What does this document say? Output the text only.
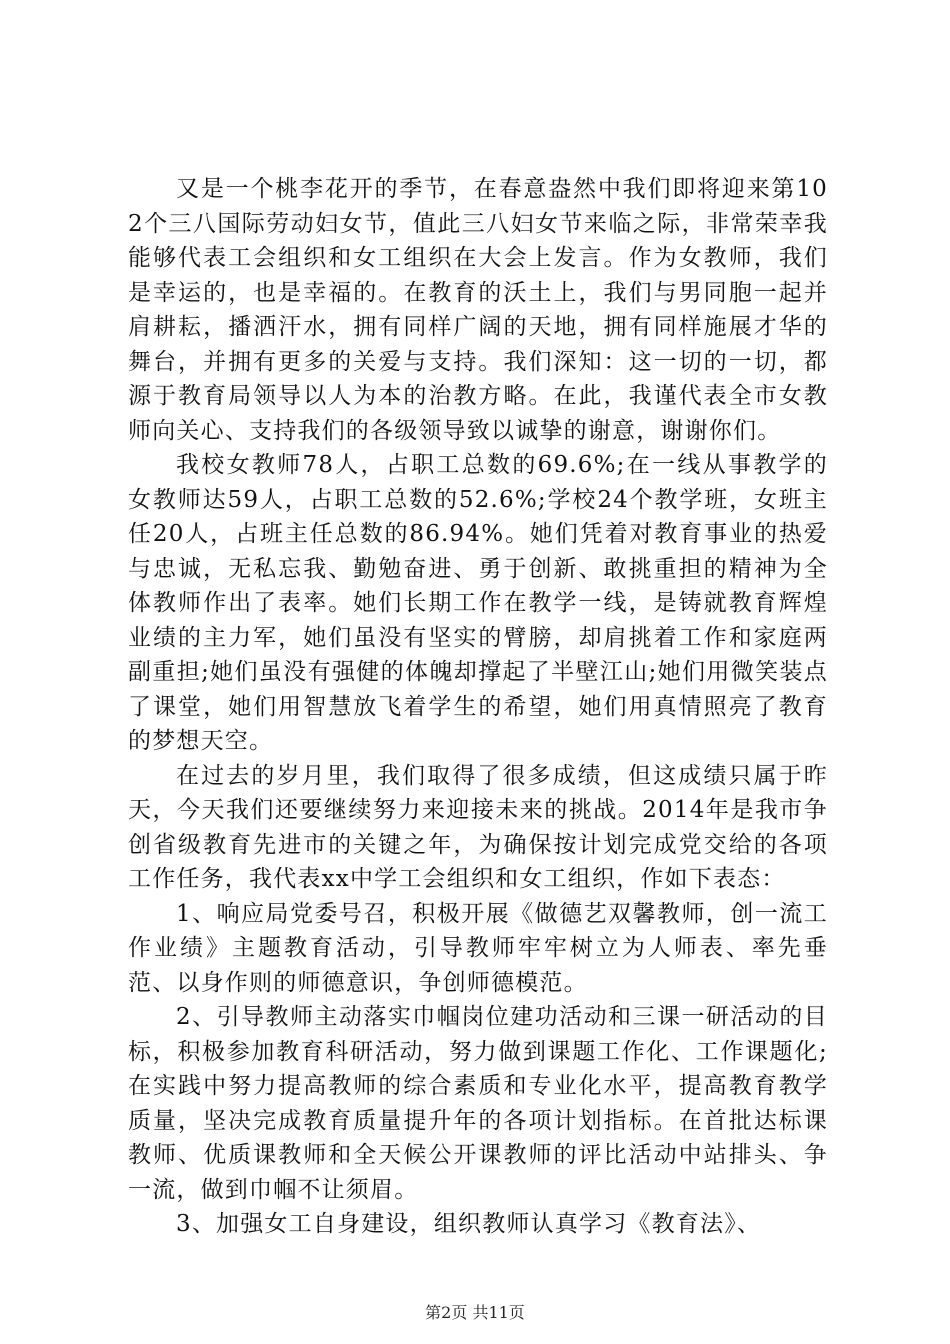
又是一个桃李花开的季节，在春意盎然中我们即将迎来第102个三八国际劳动妇女节，值此三八妇女节来临之际，非常荣幸我能够代表工会组织和女工组织在大会上发言。作为女教师，我们是幸运的，也是幸福的。在教育的沃土上，我们与男同胞一起并肩耕耘，播洒汗水，拥有同样广阔的天地，拥有同样施展才华的舞台，并拥有更多的关爱与支持。我们深知：这一切的一切，都源于教育局领导以人为本的治教方略。在此，我谨代表全市女教师向关心、支持我们的各级领导致以诚挚的谢意，谢谢你们。

我校女教师78人，占职工总数的69.6%;在一线从事教学的女教师达59人，占职工总数的52.6%;学校24个教学班，女班主任20人，占班主任总数的86.94%。她们凭着对教育事业的热爱与忠诚，无私忘我、勤勉奋进、勇于创新、敢挑重担的精神为全体教师作出了表率。她们长期工作在教学一线，是铸就教育辉煌业绩的主力军，她们虽没有坚实的臂膀，却肩挑着工作和家庭两副重担;她们虽没有强健的体魄却撑起了半壁江山;她们用微笑装点了课堂，她们用智慧放飞着学生的希望，她们用真情照亮了教育的梦想天空。

在过去的岁月里，我们取得了很多成绩，但这成绩只属于昨天，今天我们还要继续努力来迎接未来的挑战。2014年是我市争创省级教育先进市的关键之年，为确保按计划完成党交给的各项工作任务，我代表xx中学工会组织和女工组织，作如下表态：

1、响应局党委号召，积极开展《做德艺双馨教师，创一流工作业绩》主题教育活动，引导教师牢牢树立为人师表、率先垂范、以身作则的师德意识，争创师德模范。

2、引导教师主动落实巾帼岗位建功活动和三课一研活动的目标，积极参加教育科研活动，努力做到课题工作化、工作课题化;在实践中努力提高教师的综合素质和专业化水平，提高教育教学质量，坚决完成教育质量提升年的各项计划指标。在首批达标课教师、优质课教师和全天候公开课教师的评比活动中站排头、争一流，做到巾帼不让须眉。

3、加强女工自身建设，组织教师认真学习《教育法》、

第2页 共11页
